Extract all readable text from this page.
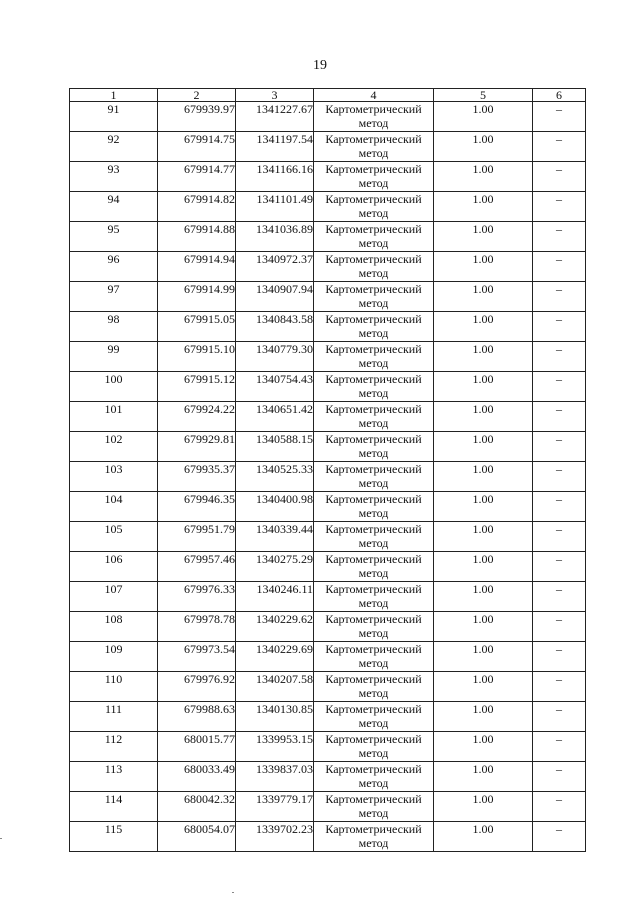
19
1	2	3	4	5	6
91	679939.97	1341227.67	Картометрический метод	1.00	–
92	679914.75	1341197.54	Картометрический метод	1.00	–
93	679914.77	1341166.16	Картометрический метод	1.00	–
94	679914.82	1341101.49	Картометрический метод	1.00	–
95	679914.88	1341036.89	Картометрический метод	1.00	–
96	679914.94	1340972.37	Картометрический метод	1.00	–
97	679914.99	1340907.94	Картометрический метод	1.00	–
98	679915.05	1340843.58	Картометрический метод	1.00	–
99	679915.10	1340779.30	Картометрический метод	1.00	–
100	679915.12	1340754.43	Картометрический метод	1.00	–
101	679924.22	1340651.42	Картометрический метод	1.00	–
102	679929.81	1340588.15	Картометрический метод	1.00	–
103	679935.37	1340525.33	Картометрический метод	1.00	–
104	679946.35	1340400.98	Картометрический метод	1.00	–
105	679951.79	1340339.44	Картометрический метод	1.00	–
106	679957.46	1340275.29	Картометрический метод	1.00	–
107	679976.33	1340246.11	Картометрический метод	1.00	–
108	679978.78	1340229.62	Картометрический метод	1.00	–
109	679973.54	1340229.69	Картометрический метод	1.00	–
110	679976.92	1340207.58	Картометрический метод	1.00	–
111	679988.63	1340130.85	Картометрический метод	1.00	–
112	680015.77	1339953.15	Картометрический метод	1.00	–
113	680033.49	1339837.03	Картометрический метод	1.00	–
114	680042.32	1339779.17	Картометрический метод	1.00	–
115	680054.07	1339702.23	Картометрический метод	1.00	–
